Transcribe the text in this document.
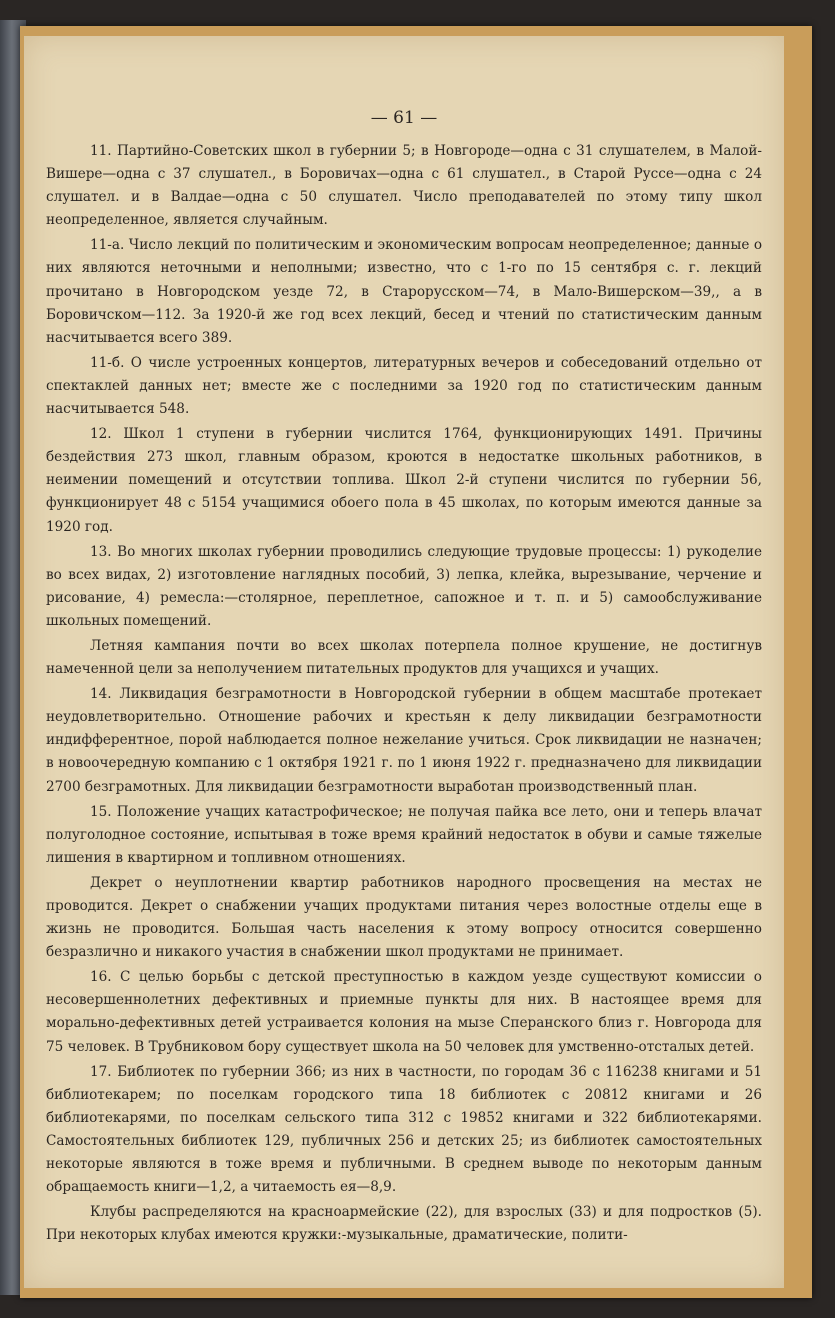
— 61 —

11. Партийно-Советских школ в губернии 5; в Новгороде—одна с 31 слушателем, в Малой-Вишере—одна с 37 слушател., в Боровичах—одна с 61 слушател., в Старой Руссе—одна с 24 слушател. и в Валдае—одна с 50 слушател. Число преподавателей по этому типу школ неопределенное, является случайным.

11-а. Число лекций по политическим и экономическим вопросам неопределенное; данные о них являются неточными и неполными; известно, что с 1-го по 15 сентября с. г. лекций прочитано в Новгородском уезде 72, в Старорусском—74, в Мало-Вишерском—39,, а в Боровичском—112. За 1920-й же год всех лекций, бесед и чтений по статистическим данным насчитывается всего 389.

11-б. О числе устроенных концертов, литературных вечеров и собеседований отдельно от спектаклей данных нет; вместе же с последними за 1920 год по статистическим данным насчитывается 548.

12. Школ 1 ступени в губернии числится 1764, функционирующих 1491. Причины бездействия 273 школ, главным образом, кроются в недостатке школьных работников, в неимении помещений и отсутствии топлива. Школ 2-й ступени числится по губернии 56, функционирует 48 с 5154 учащимися обоего пола в 45 школах, по которым имеются данные за 1920 год.

13. Во многих школах губернии проводились следующие трудовые процессы: 1) рукоделие во всех видах, 2) изготовление наглядных пособий, 3) лепка, клейка, вырезывание, черчение и рисование, 4) ремесла:—столярное, переплетное, сапожное и т. п. и 5) самообслуживание школьных помещений.

Летняя кампания почти во всех школах потерпела полное крушение, не достигнув намеченной цели за неполучением питательных продуктов для учащихся и учащих.

14. Ликвидация безграмотности в Новгородской губернии в общем масштабе протекает неудовлетворительно. Отношение рабочих и крестьян к делу ликвидации безграмотности индифферентное, порой наблюдается полное нежелание учиться. Срок ликвидации не назначен; в новоочередную компанию с 1 октября 1921 г. по 1 июня 1922 г. предназначено для ликвидации 2700 безграмотных. Для ликвидации безграмотности выработан производственный план.

15. Положение учащих катастрофическое; не получая пайка все лето, они и теперь влачат полуголодное состояние, испытывая в тоже время крайний недостаток в обуви и самые тяжелые лишения в квартирном и топливном отношениях.

Декрет о неуплотнении квартир работников народного просвещения на местах не проводится. Декрет о снабжении учащих продуктами питания через волостные отделы еще в жизнь не проводится. Большая часть населения к этому вопросу относится совершенно безразлично и никакого участия в снабжении школ продуктами не принимает.

16. С целью борьбы с детской преступностью в каждом уезде существуют комиссии о несовершеннолетних дефективных и приемные пункты для них. В настоящее время для морально-дефективных детей устраивается колония на мызе Сперанского близ г. Новгорода для 75 человек. В Трубниковом бору существует школа на 50 человек для умственно-отсталых детей.

17. Библиотек по губернии 366; из них в частности, по городам 36 с 116238 книгами и 51 библиотекарем; по поселкам городского типа 18 библиотек с 20812 книгами и 26 библиотекарями, по поселкам сельского типа 312 с 19852 книгами и 322 библиотекарями. Самостоятельных библиотек 129, публичных 256 и детских 25; из библиотек самостоятельных некоторые являются в тоже время и публичными. В среднем выводе по некоторым данным обращаемость книги—1,2, а читаемость ея—8,9.

Клубы распределяются на красноармейские (22), для взрослых (33) и для подростков (5). При некоторых клубах имеются кружки:-музыкальные, драматические, полити-
